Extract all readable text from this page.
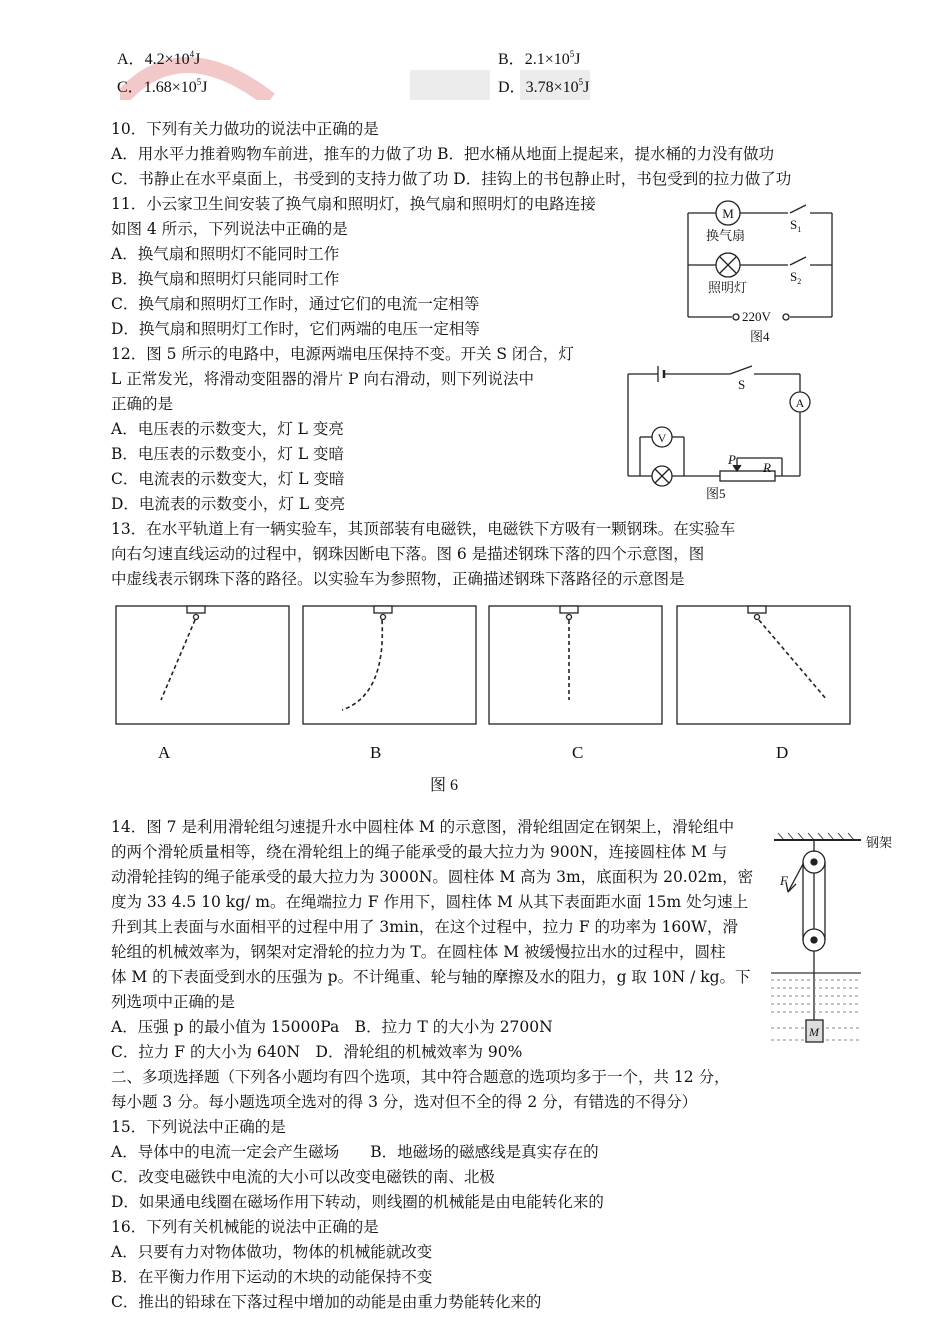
A．$4.2\times 10^4J$	B．$2.1\times 10^5J$
C．$1.68\times 10^5J$	D．$3.78\times 10^5J$
10．下列有关力做功的说法中正确的是
A．用水平力推着购物车前进，推车的力做了功 B．把水桶从地面上提起来，提水桶的力没有做功
C．书静止在水平桌面上，书受到的支持力做了功 D．挂钩上的书包静止时，书包受到的拉力做了功
11．小云家卫生间安装了换气扇和照明灯，换气扇和照明灯的电路连接
如图 4 所示，下列说法中正确的是
A．换气扇和照明灯不能同时工作
B．换气扇和照明灯只能同时工作
C．换气扇和照明灯工作时，通过它们的电流一定相等
D．换气扇和照明灯工作时，它们两端的电压一定相等
M
换气扇
照明灯
$S_1$
$S_2$
220V
图4
12．图 5 所示的电路中，电源两端电压保持不变。开关 S 闭合，灯
L 正常发光，将滑动变阻器的滑片 P 向右滑动，则下列说法中
正确的是
A．电压表的示数变大，灯 L 变亮
B．电压表的示数变小，灯 L 变暗
C．电流表的示数变大，灯 L 变暗
D．电流表的示数变小，灯 L 变亮
S
A
V
P
R
图5
13．在水平轨道上有一辆实验车，其顶部装有电磁铁，电磁铁下方吸有一颗钢珠。在实验车
向右匀速直线运动的过程中，钢珠因断电下落。图 6 是描述钢珠下落的四个示意图，图
中虚线表示钢珠下落的路径。以实验车为参照物，正确描述钢珠下落路径的示意图是
A	B	C	D
图 6
14．图 7 是利用滑轮组匀速提升水中圆柱体 M 的示意图，滑轮组固定在钢架上，滑轮组中
的两个滑轮质量相等，绕在滑轮组上的绳子能承受的最大拉力为 900N，连接圆柱体 M 与
动滑轮挂钩的绳子能承受的最大拉力为 3000N。圆柱体 M 高为 3m，底面积为 20.02m，密
度为 33 4.5 10 kg/ m。在绳端拉力 F 作用下，圆柱体 M 从其下表面距水面 15m 处匀速上
升到其上表面与水面相平的过程中用了 3min，在这个过程中，拉力 F 的功率为 160W，滑
轮组的机械效率为，钢架对定滑轮的拉力为 T。在圆柱体 M 被缓慢拉出水的过程中，圆柱
体 M 的下表面受到水的压强为 p。不计绳重、轮与轴的摩擦及水的阻力，g 取 10N / kg。下
列选项中正确的是
A．压强 p 的最小值为 15000Pa　B．拉力 T 的大小为 2700N
C．拉力 F 的大小为 640N　D．滑轮组的机械效率为 90%
钢架
F
M
二、多项选择题（下列各小题均有四个选项，其中符合题意的选项均多于一个，共 12 分，
每小题 3 分。每小题选项全选对的得 3 分，选对但不全的得 2 分，有错选的不得分）
15．下列说法中正确的是
A．导体中的电流一定会产生磁场　　B．地磁场的磁感线是真实存在的
C．改变电磁铁中电流的大小可以改变电磁铁的南、北极
D．如果通电线圈在磁场作用下转动，则线圈的机械能是由电能转化来的
16．下列有关机械能的说法中正确的是
A．只要有力对物体做功，物体的机械能就改变
B．在平衡力作用下运动的木块的动能保持不变
C．推出的铅球在下落过程中增加的动能是由重力势能转化来的
